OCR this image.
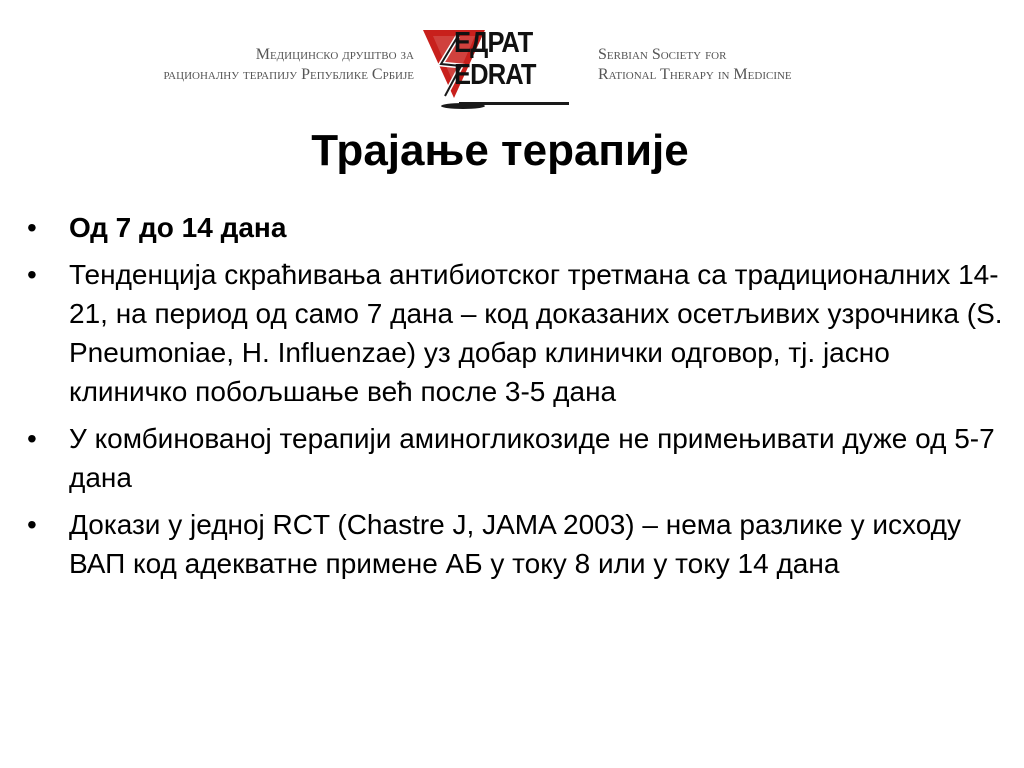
Медицинско друштво за
рационалну терапију Републике Србије
ЕДРАТ
EDRAT
Serbian Society for
Rational Therapy in Medicine
Трајање терапије
•	Од 7 до 14 дана
•	Тенденција скраћивања антибиотског третмана са традиционалних 14-21, на период од само 7 дана – код доказаних осетљивих узрочника (S. Pneumoniae, H. Influenzae) уз добар клинички одговор, тј. јасно клиничко побољшање већ после 3-5 дана
•	У комбинованој терапији аминогликозиде не примењивати дуже од 5-7 дана
•	Докази у једној RCT (Chastre J, JAMA 2003) – нема разлике у исходу ВАП код адекватне примене АБ у току 8 или у току 14 дана
